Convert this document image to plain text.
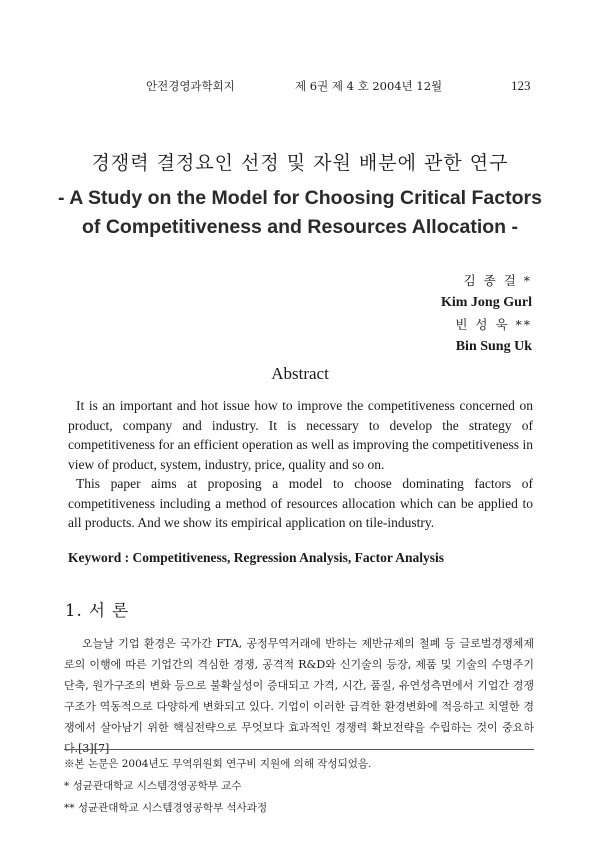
안전경영과학회지	제 6권 제 4 호 2004년 12월	123
경쟁력 결정요인 선정 및 자원 배분에 관한 연구
- A Study on the Model for Choosing Critical Factors
of Competitiveness and Resources Allocation -
김 종 걸 *
Kim Jong Gurl
빈 성 욱 **
Bin Sung Uk
Abstract

It is an important and hot issue how to improve the competitiveness concerned on product, company and industry. It is necessary to develop the strategy of competitiveness for an efficient operation as well as improving the competitiveness in view of product, system, industry, price, quality and so on.

This paper aims at proposing a model to choose dominating factors of competitiveness including a method of resources allocation which can be applied to all products. And we show its empirical application on tile-industry.

Keyword : Competitiveness, Regression Analysis, Factor Analysis
1. 서 론
오늘날 기업 환경은 국가간 FTA, 공정무역거래에 반하는 제반규제의 철폐 등 글로벌경쟁체제로의 이행에 따른 기업간의 격심한 경쟁, 공격적 R&D와 신기술의 등장, 제품 및 기술의 수명주기 단축, 원가구조의 변화 등으로 불확실성이 증대되고 가격, 시간, 품질, 유연성측면에서 기업간 경쟁구조가 역동적으로 다양하게 변화되고 있다. 기업이 이러한 급격한 환경변화에 적응하고 치열한 경쟁에서 살아남기 위한 핵심전략으로 무엇보다 효과적인 경쟁력 확보전략을 수립하는 것이 중요하다.[3][7]
※본 논문은 2004년도 무역위원회 연구비 지원에 의해 작성되었음.
* 성균관대학교 시스템경영공학부 교수
** 성균관대학교 시스템경영공학부 석사과정
